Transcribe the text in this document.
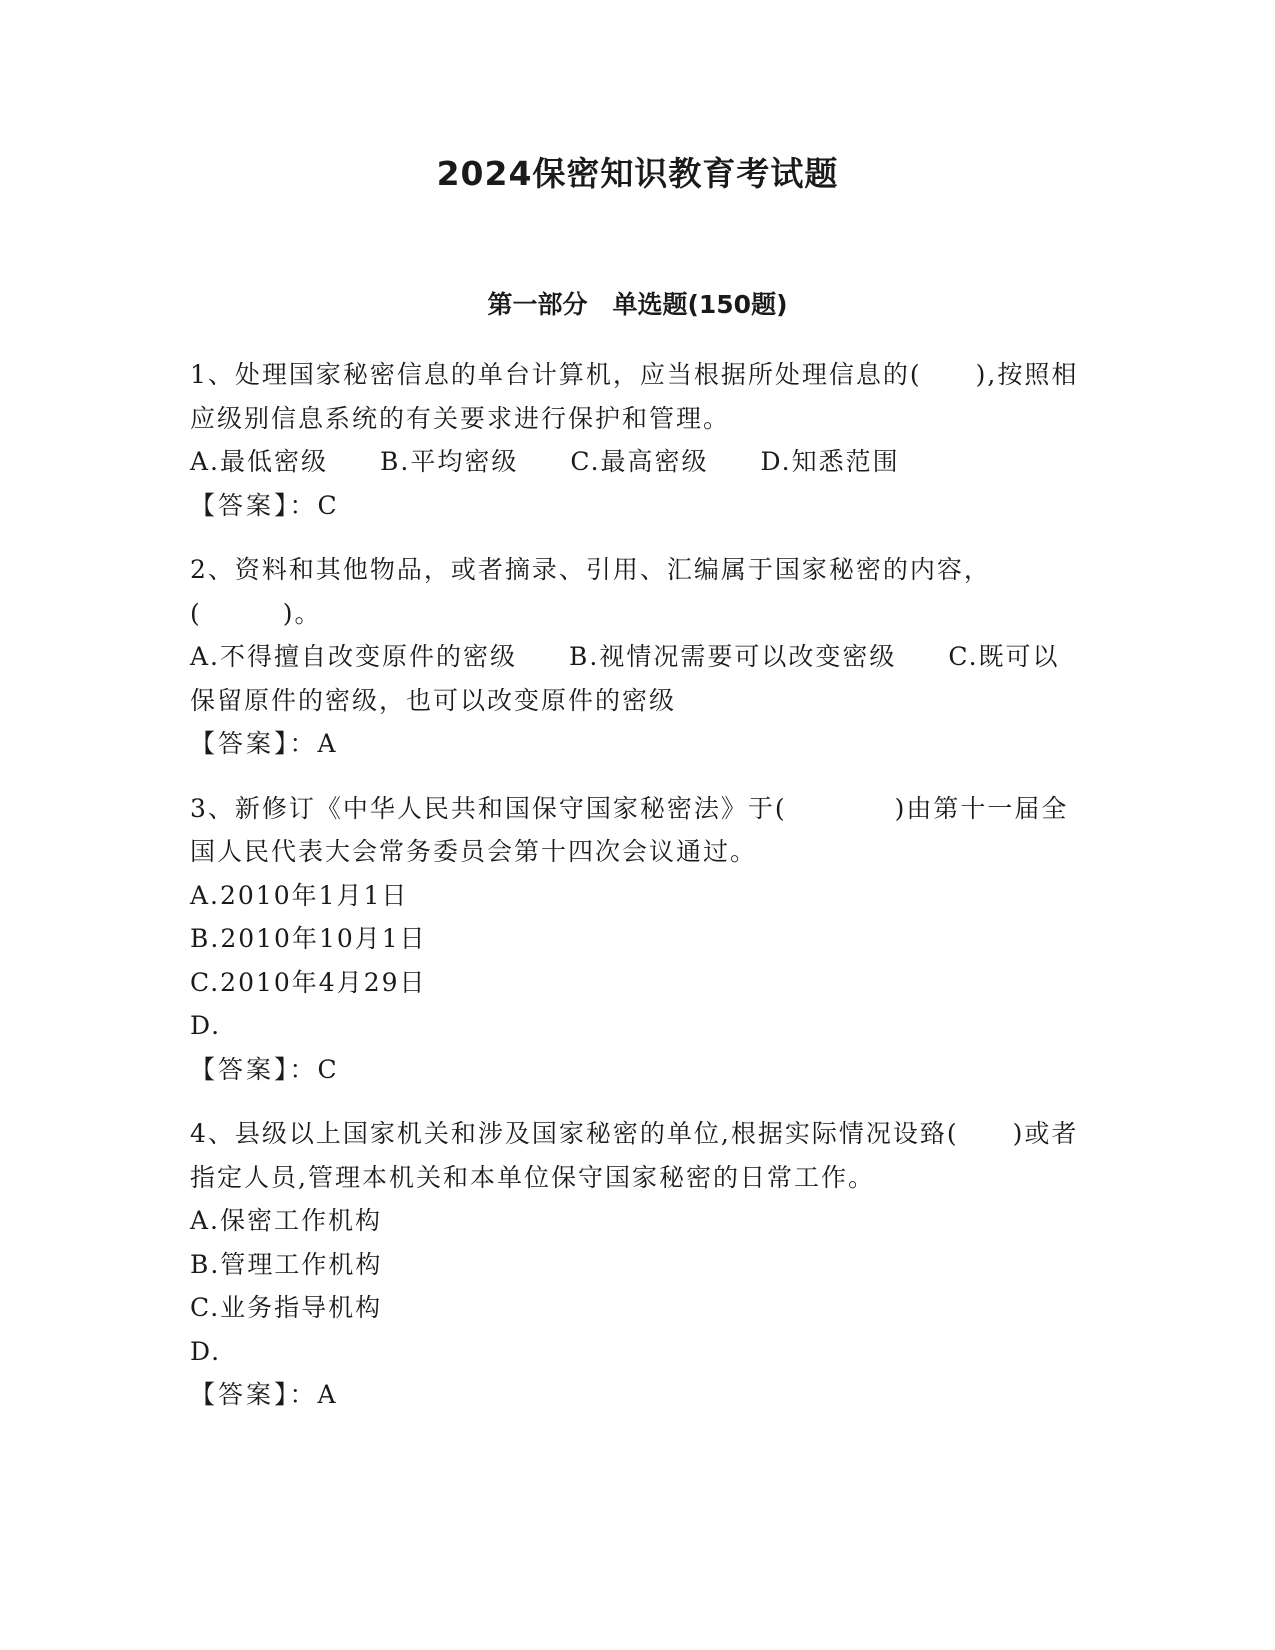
2024保密知识教育考试题
第一部分　单选题(150题)

1、处理国家秘密信息的单台计算机，应当根据所处理信息的(　　),按照相应级别信息系统的有关要求进行保护和管理。

A.最低密级 B.平均密级 C.最高密级 D.知悉范围

【答案】：C

2、资料和其他物品，或者摘录、引用、汇编属于国家秘密的内容，(　　　)。

A.不得擅自改变原件的密级 B.视情况需要可以改变密级 C.既可以保留原件的密级，也可以改变原件的密级

【答案】：A

3、新修订《中华人民共和国保守国家秘密法》于(　　　　)由第十一届全国人民代表大会常务委员会第十四次会议通过。

A.2010年1月1日

B.2010年10月1日

C.2010年4月29日

D.

【答案】：C

4、县级以上国家机关和涉及国家秘密的单位,根据实际情况设臵(　　)或者指定人员,管理本机关和本单位保守国家秘密的日常工作。

A.保密工作机构

B.管理工作机构

C.业务指导机构

D.

【答案】：A
